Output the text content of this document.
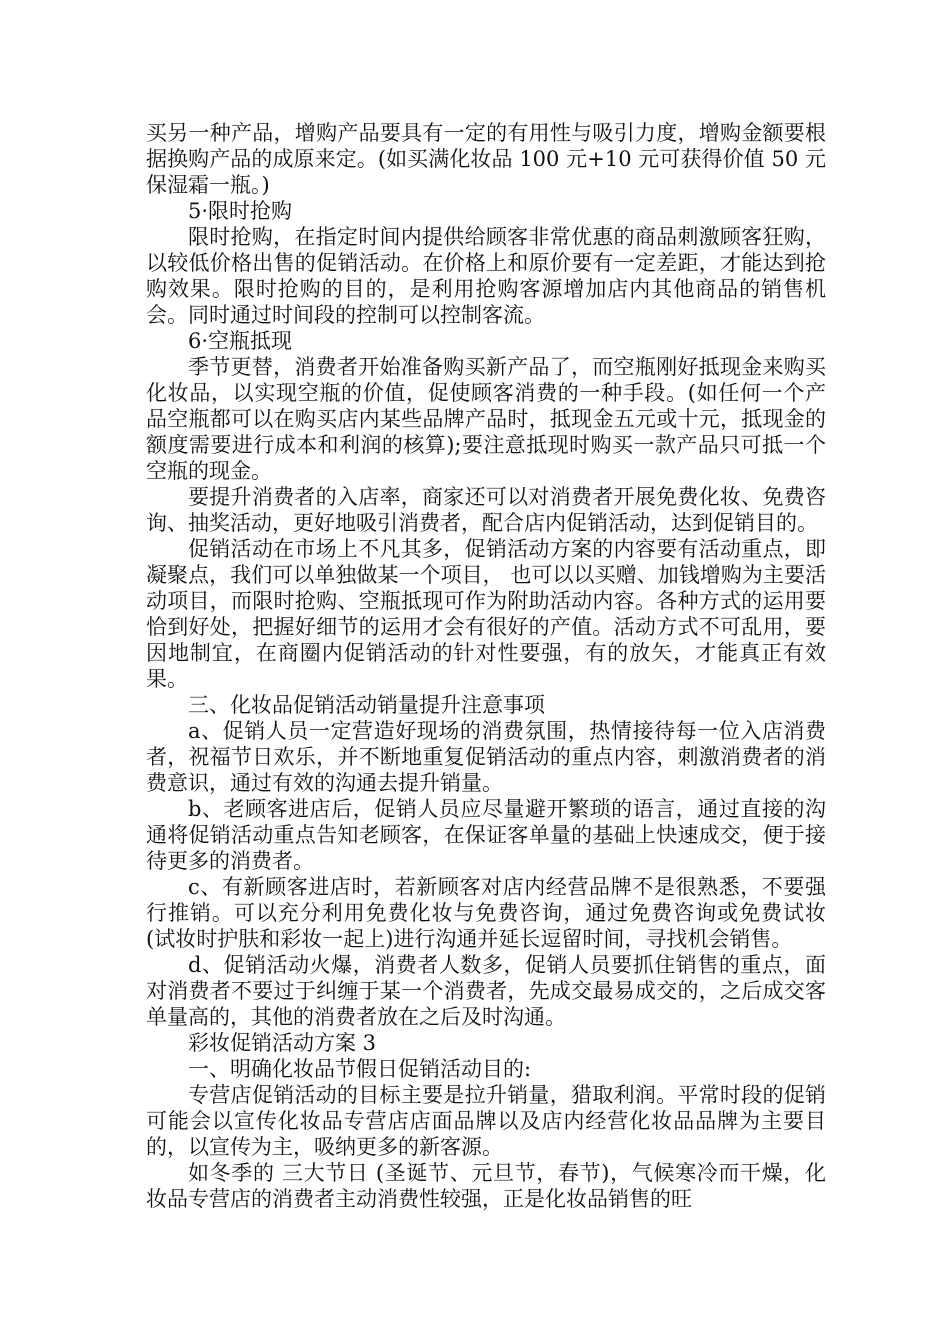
买另一种产品，增购产品要具有一定的有用性与吸引力度，增购金额要根据换购产品的成原来定。(如买满化妆品 100 元+10 元可获得价值 50 元保湿霜一瓶。)

5·限时抢购

限时抢购，在指定时间内提供给顾客非常优惠的商品刺激顾客狂购，以较低价格出售的促销活动。在价格上和原价要有一定差距，才能达到抢购效果。限时抢购的目的，是利用抢购客源增加店内其他商品的销售机会。同时通过时间段的控制可以控制客流。

6·空瓶抵现

季节更替，消费者开始准备购买新产品了，而空瓶刚好抵现金来购买化妆品，以实现空瓶的价值，促使顾客消费的一种手段。(如任何一个产品空瓶都可以在购买店内某些品牌产品时，抵现金五元或十元，抵现金的额度需要进行成本和利润的核算);要注意抵现时购买一款产品只可抵一个空瓶的现金。

要提升消费者的入店率，商家还可以对消费者开展免费化妆、免费咨询、抽奖活动，更好地吸引消费者，配合店内促销活动，达到促销目的。

促销活动在市场上不凡其多，促销活动方案的内容要有活动重点，即凝聚点，我们可以单独做某一个项目， 也可以以买赠、加钱增购为主要活动项目，而限时抢购、空瓶抵现可作为附助活动内容。各种方式的运用要恰到好处，把握好细节的运用才会有很好的产值。活动方式不可乱用，要因地制宜，在商圈内促销活动的针对性要强，有的放矢，才能真正有效果。

三、化妆品促销活动销量提升注意事项

a、促销人员一定营造好现场的消费氛围，热情接待每一位入店消费者，祝福节日欢乐，并不断地重复促销活动的重点内容，刺激消费者的消费意识，通过有效的沟通去提升销量。

b、老顾客进店后，促销人员应尽量避开繁琐的语言，通过直接的沟通将促销活动重点告知老顾客，在保证客单量的基础上快速成交，便于接待更多的消费者。

c、有新顾客进店时，若新顾客对店内经营品牌不是很熟悉，不要强行推销。可以充分利用免费化妆与免费咨询，通过免费咨询或免费试妆(试妆时护肤和彩妆一起上)进行沟通并延长逗留时间，寻找机会销售。

d、促销活动火爆，消费者人数多，促销人员要抓住销售的重点，面对消费者不要过于纠缠于某一个消费者，先成交最易成交的，之后成交客单量高的，其他的消费者放在之后及时沟通。

彩妆促销活动方案 3

一、明确化妆品节假日促销活动目的:

专营店促销活动的目标主要是拉升销量，猎取利润。平常时段的促销可能会以宣传化妆品专营店店面品牌以及店内经营化妆品品牌为主要目的，以宣传为主，吸纳更多的新客源。

如冬季的 三大节日 (圣诞节、元旦节，春节)，气候寒冷而干燥，化妆品专营店的消费者主动消费性较强，正是化妆品销售的旺
